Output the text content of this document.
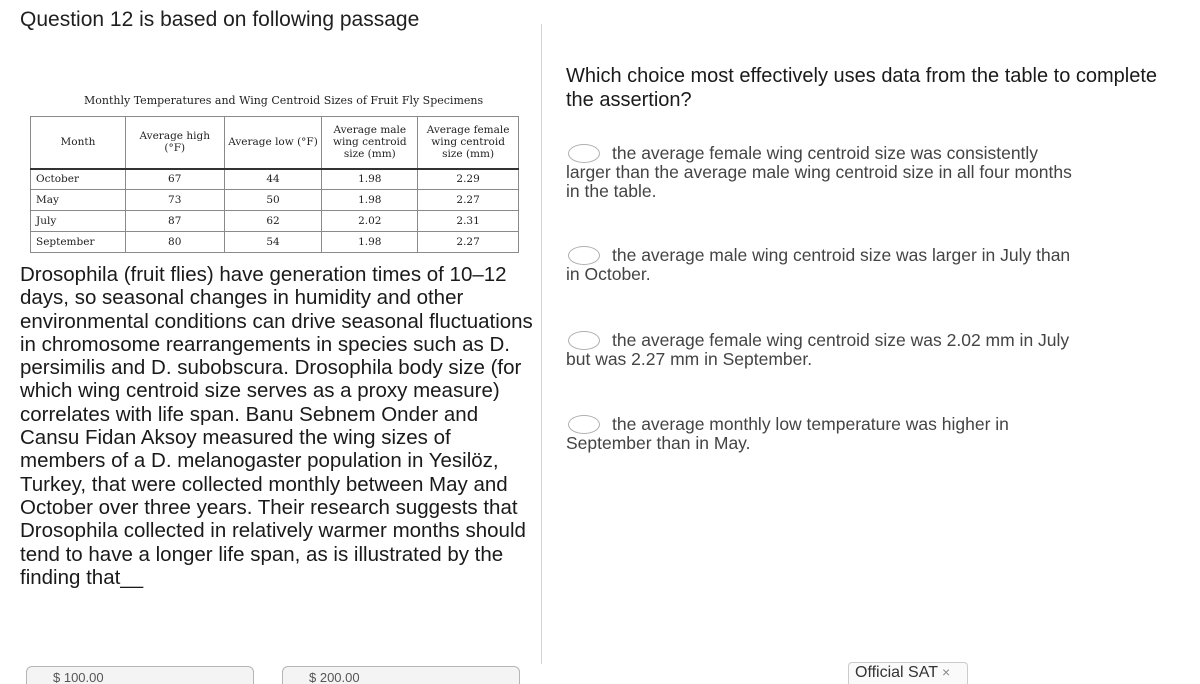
Question 12 is based on following passage
Monthly Temperatures and Wing Centroid Sizes of Fruit Fly Specimens
Month	Average high (°F)	Average low (°F)	Average male wing centroid size (mm)	Average female wing centroid size (mm)
October	67	44	1.98	2.29
May	73	50	1.98	2.27
July	87	62	2.02	2.31
September	80	54	1.98	2.27
Drosophila (fruit flies) have generation times of 10–12 days, so seasonal changes in humidity and other environmental conditions can drive seasonal fluctuations in chromosome rearrangements in species such as D. persimilis and D. subobscura. Drosophila body size (for which wing centroid size serves as a proxy measure) correlates with life span. Banu Sebnem Onder and Cansu Fidan Aksoy measured the wing sizes of members of a D. melanogaster population in Yesilöz, Turkey, that were collected monthly between May and October over three years. Their research suggests that Drosophila collected in relatively warmer months should tend to have a longer life span, as is illustrated by the finding that__
$ 100.00	$ 200.00
Which choice most effectively uses data from the table to complete the assertion?
the average female wing centroid size was consistently larger than the average male wing centroid size in all four months in the table.
the average male wing centroid size was larger in July than in October.
the average female wing centroid size was 2.02 mm in July but was 2.27 mm in September.
the average monthly low temperature was higher in September than in May.
Official SAT ×
